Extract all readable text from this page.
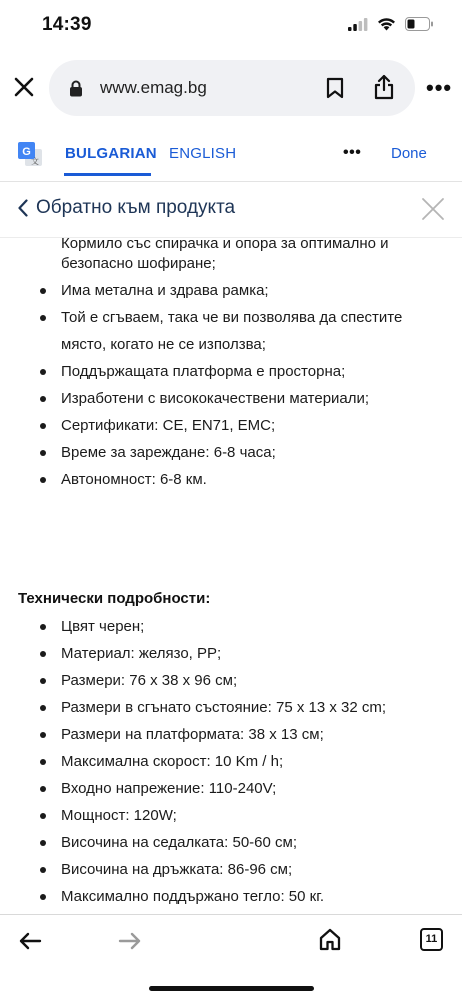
14:39
www.emag.bg	•••
G
文 BULGARIAN ENGLISH	••• Done
Обратно към продукта
Кормило със спирачка и опора за оптимално и
безопасно шофиране;
Има метална и здрава рамка;
Той е сгъваем, така че ви позволява да спестите място, когато не се използва;
Поддържащата платформа е просторна;
Изработени с висококачествени материали;
Сертификати: CE, EN71, EMC;
Време за зареждане: 6-8 часа;
Автономност: 6-8 км.
Технически подробности:
Цвят черен;
Материал: желязо, PP;
Размери: 76 x 38 x 96 см;
Размери в сгънато състояние: 75 x 13 x 32 cm;
Размери на платформата: 38 x 13 см;
Максимална скорост: 10 Km / h;
Входно напрежение: 110-240V;
Мощност: 120W;
Височина на седалката: 50-60 см;
Височина на дръжката: 86-96 см;
Максимално поддържано тегло: 50 кг.
11
